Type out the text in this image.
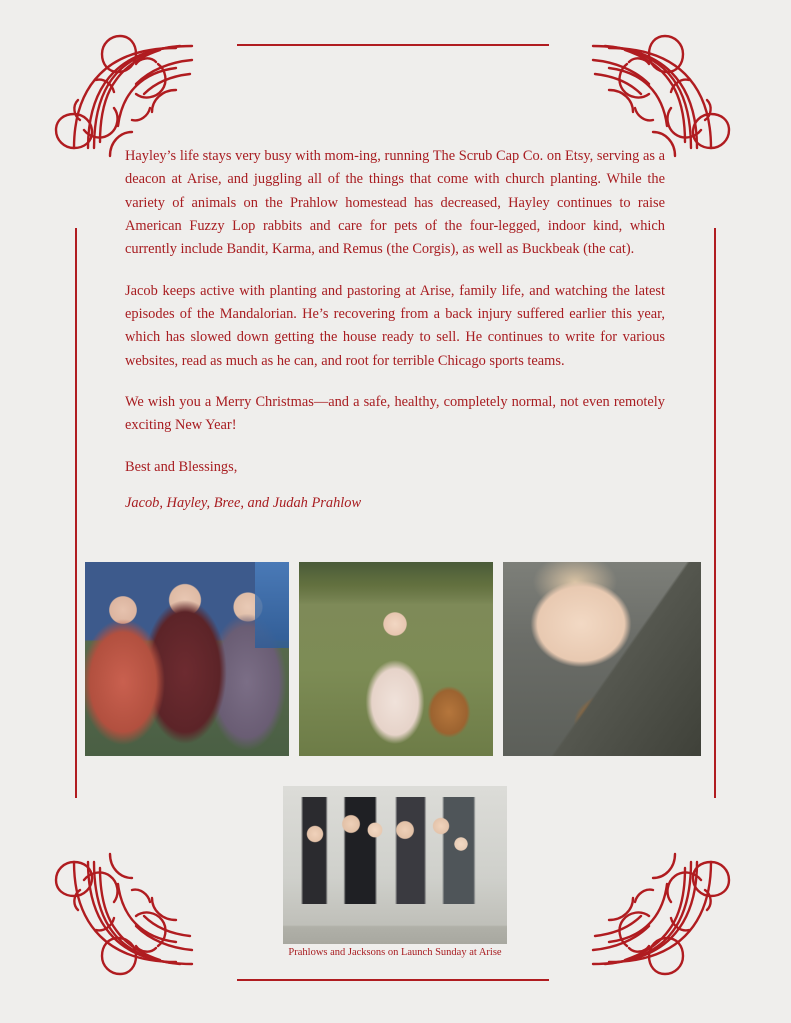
Hayley’s life stays very busy with mom-ing, running The Scrub Cap Co. on Etsy, serving as a deacon at Arise, and juggling all of the things that come with church planting. While the variety of animals on the Prahlow homestead has decreased, Hayley continues to raise American Fuzzy Lop rabbits and care for pets of the four-legged, indoor kind, which currently include Bandit, Karma, and Remus (the Corgis), as well as Buckbeak (the cat).

Jacob keeps active with planting and pastoring at Arise, family life, and watching the latest episodes of the Mandalorian. He’s recovering from a back injury suffered earlier this year, which has slowed down getting the house ready to sell. He continues to write for various websites, read as much as he can, and root for terrible Chicago sports teams.

We wish you a Merry Christmas—and a safe, healthy, completely normal, not even remotely exciting New Year!

Best and Blessings,

Jacob, Hayley, Bree, and Judah Prahlow

Prahlows and Jacksons on Launch Sunday at Arise
